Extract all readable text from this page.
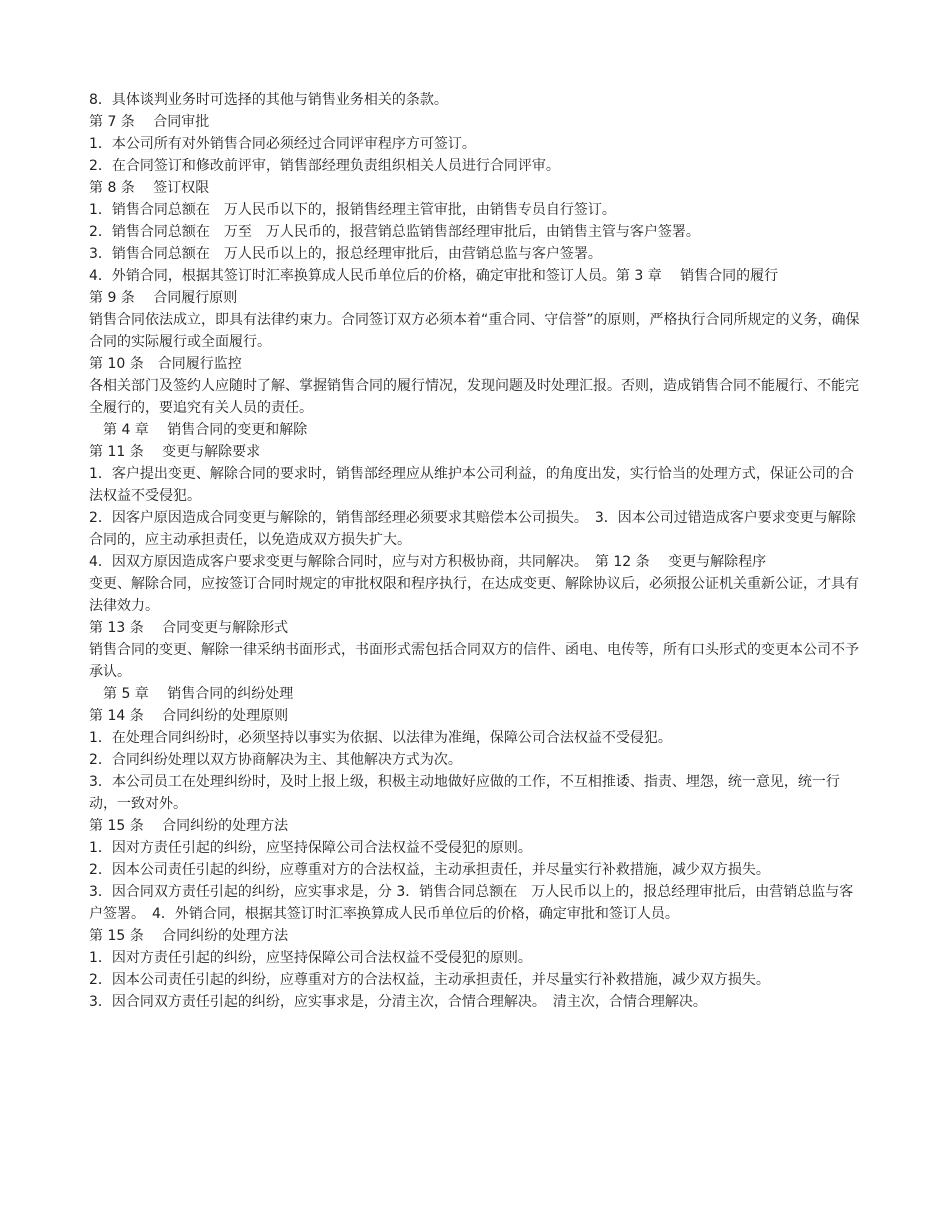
8．具体谈判业务时可选择的其他与销售业务相关的条款。

第 7 条　 合同审批

1．本公司所有对外销售合同必须经过合同评审程序方可签订。

2．在合同签订和修改前评审，销售部经理负责组织相关人员进行合同评审。

第 8 条　 签订权限

1．销售合同总额在　万人民币以下的，报销售经理主管审批，由销售专员自行签订。

2．销售合同总额在　万至　万人民币的，报营销总监销售部经理审批后，由销售主管与客户签署。

3．销售合同总额在　万人民币以上的，报总经理审批后，由营销总监与客户签署。

4．外销合同，根据其签订时汇率换算成人民币单位后的价格，确定审批和签订人员。第 3 章　 销售合同的履行

第 9 条　 合同履行原则

销售合同依法成立，即具有法律约束力。合同签订双方必须本着“重合同、守信誉”的原则，严格执行合同所规定的义务，确保合同的实际履行或全面履行。

第 10 条　合同履行监控

各相关部门及签约人应随时了解、掌握销售合同的履行情况，发现问题及时处理汇报。否则，造成销售合同不能履行、不能完全履行的，要追究有关人员的责任。

　第 4 章　 销售合同的变更和解除

第 11 条　 变更与解除要求

1．客户提出变更、解除合同的要求时，销售部经理应从维护本公司利益，的角度出发，实行恰当的处理方式，保证公司的合法权益不受侵犯。

2．因客户原因造成合同变更与解除的，销售部经理必须要求其赔偿本公司损失。　3．因本公司过错造成客户要求变更与解除合同的，应主动承担责任，以免造成双方损失扩大。

4．因双方原因造成客户要求变更与解除合同时，应与对方积极协商，共同解决。　第 12 条　 变更与解除程序

变更、解除合同，应按签订合同时规定的审批权限和程序执行，在达成变更、解除协议后，必须报公证机关重新公证，才具有法律效力。

第 13 条　 合同变更与解除形式

销售合同的变更、解除一律采纳书面形式，书面形式需包括合同双方的信件、函电、电传等，所有口头形式的变更本公司不予承认。

　第 5 章　 销售合同的纠纷处理

第 14 条　 合同纠纷的处理原则

1．在处理合同纠纷时，必须坚持以事实为依据、以法律为准绳，保障公司合法权益不受侵犯。

2．合同纠纷处理以双方协商解决为主、其他解决方式为次。

3．本公司员工在处理纠纷时，及时上报上级，积极主动地做好应做的工作，不互相推诿、指责、埋怨，统一意见，统一行动，一致对外。

第 15 条　 合同纠纷的处理方法

1．因对方责任引起的纠纷，应坚持保障公司合法权益不受侵犯的原则。

2．因本公司责任引起的纠纷，应尊重对方的合法权益，主动承担责任，并尽量实行补救措施，减少双方损失。

3．因合同双方责任引起的纠纷，应实事求是，分 3．销售合同总额在　万人民币以上的，报总经理审批后，由营销总监与客户签署。　4．外销合同，根据其签订时汇率换算成人民币单位后的价格，确定审批和签订人员。

第 15 条　 合同纠纷的处理方法

1．因对方责任引起的纠纷，应坚持保障公司合法权益不受侵犯的原则。

2．因本公司责任引起的纠纷，应尊重对方的合法权益，主动承担责任，并尽量实行补救措施，减少双方损失。

3．因合同双方责任引起的纠纷，应实事求是，分清主次，合情合理解决。　清主次，合情合理解决。
